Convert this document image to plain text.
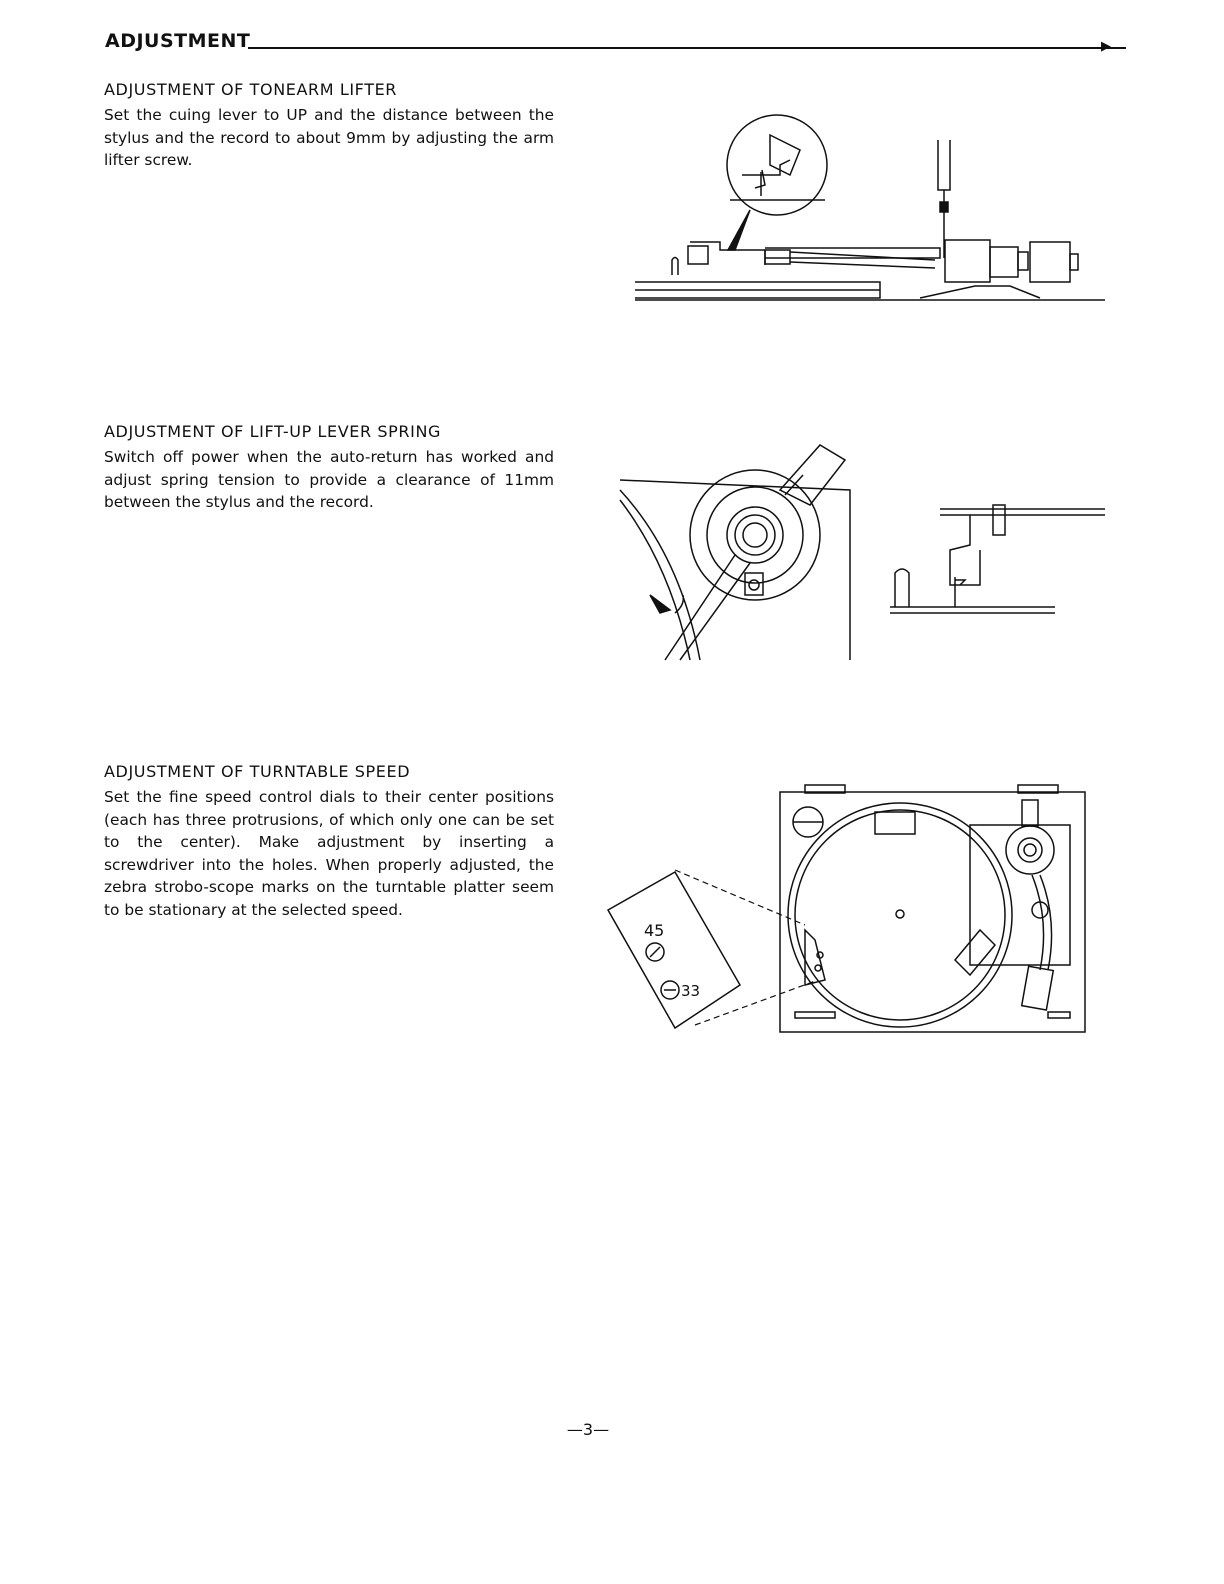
ADJUSTMENT	▶
ADJUSTMENT OF TONEARM LIFTER

Set the cuing lever to UP and the distance between the stylus and the record to about 9mm by adjusting the arm lifter screw.

ADJUSTMENT OF LIFT-UP LEVER SPRING

Switch off power when the auto-return has worked and adjust spring tension to provide a clearance of 11mm between the stylus and the record.

ADJUSTMENT OF TURNTABLE SPEED

Set the fine speed control dials to their center positions (each has three protrusions, of which only one can be set to the center). Make adjustment by inserting a screwdriver into the holes. When properly adjusted, the zebra strobo-scope marks on the turntable platter seem to be stationary at the selected speed.

45
33
—3—
